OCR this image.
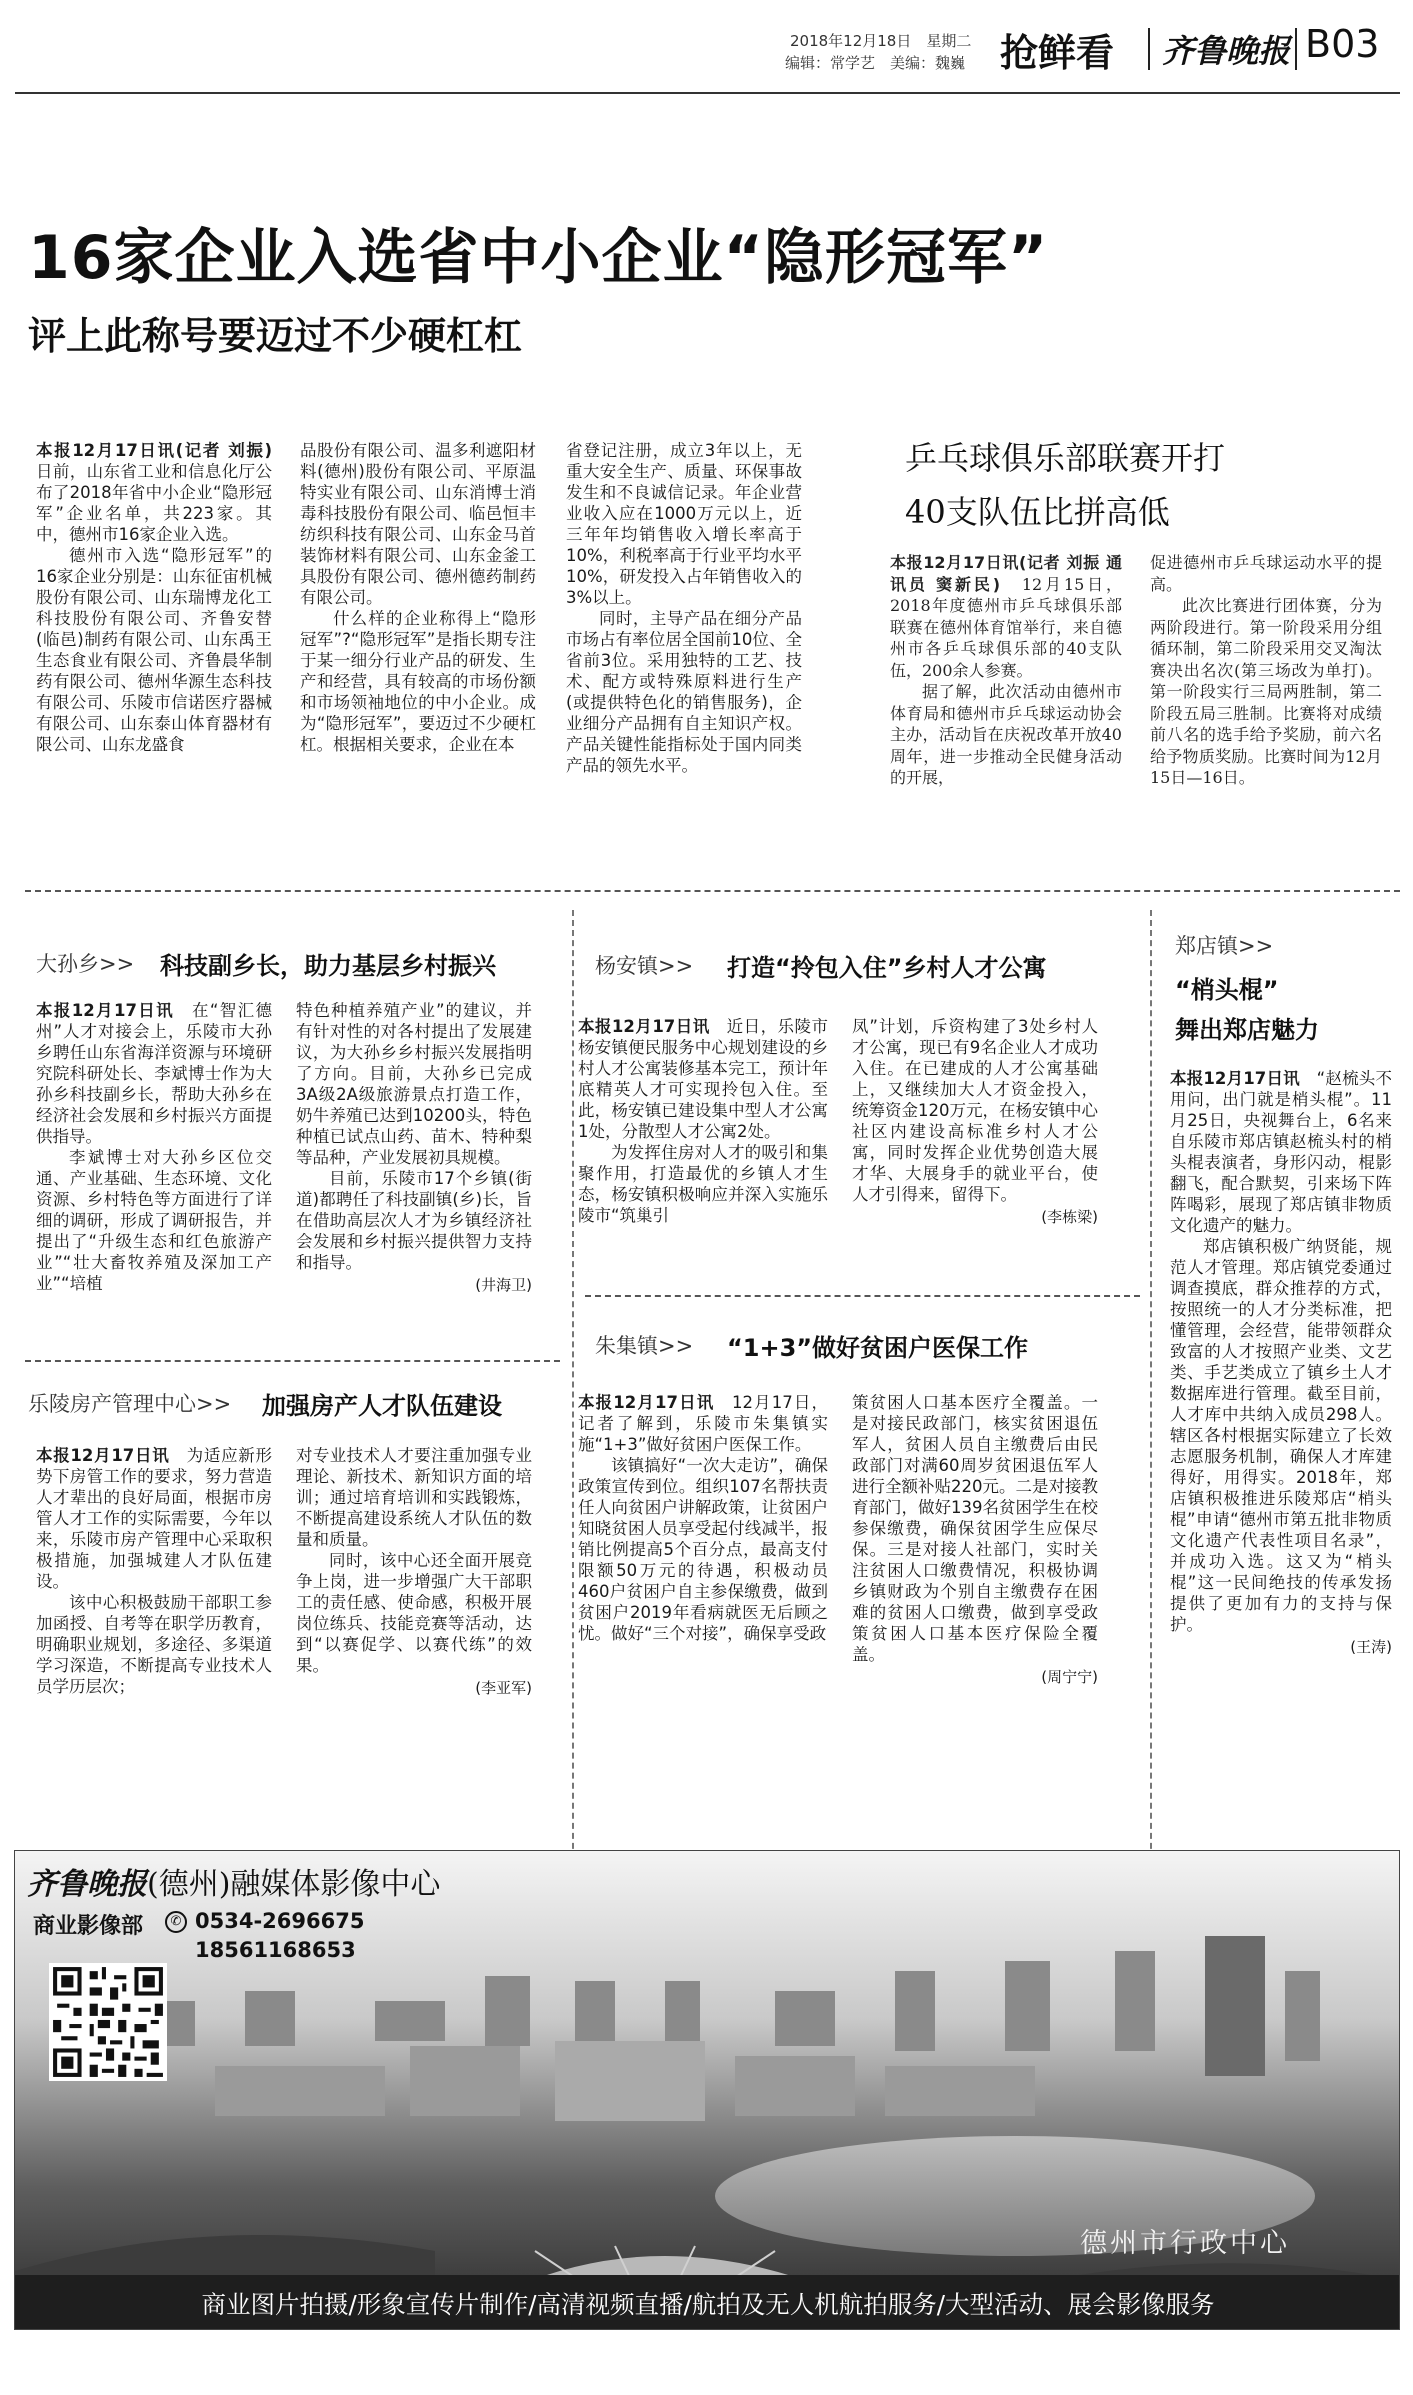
2018年12月18日　星期二
编辑：常学艺　美编：魏巍 抢鲜看 齐鲁晚报 B03
16家企业入选省中小企业“隐形冠军”
评上此称号要迈过不少硬杠杠

本报12月17日讯(记者 刘振)　日前，山东省工业和信息化厅公布了2018年省中小企业“隐形冠军”企业名单，共223家。其中，德州市16家企业入选。

德州市入选“隐形冠军”的16家企业分别是：山东征宙机械股份有限公司、山东瑞博龙化工科技股份有限公司、齐鲁安替(临邑)制药有限公司、山东禹王生态食业有限公司、齐鲁晨华制药有限公司、德州华源生态科技有限公司、乐陵市信诺医疗器械有限公司、山东泰山体育器材有限公司、山东龙盛食

品股份有限公司、温多利遮阳材料(德州)股份有限公司、平原温特实业有限公司、山东消博士消毒科技股份有限公司、临邑恒丰纺织科技有限公司、山东金马首装饰材料有限公司、山东金釜工具股份有限公司、德州德药制药有限公司。

什么样的企业称得上“隐形冠军”?“隐形冠军”是指长期专注于某一细分行业产品的研发、生产和经营，具有较高的市场份额和市场领袖地位的中小企业。成为“隐形冠军”，要迈过不少硬杠杠。根据相关要求，企业在本

省登记注册，成立3年以上，无重大安全生产、质量、环保事故发生和不良诚信记录。年企业营业收入应在1000万元以上，近三年年均销售收入增长率高于10%，利税率高于行业平均水平10%，研发投入占年销售收入的3%以上。

同时，主导产品在细分产品市场占有率位居全国前10位、全省前3位。采用独特的工艺、技术、配方或特殊原料进行生产(或提供特色化的销售服务)，企业细分产品拥有自主知识产权。产品关键性能指标处于国内同类产品的领先水平。

乒乓球俱乐部联赛开打
40支队伍比拼高低

本报12月17日讯(记者 刘振 通讯员 窦新民)　 12月15日，2018年度德州市乒乓球俱乐部联赛在德州体育馆举行，来自德州市各乒乓球俱乐部的40支队伍，200余人参赛。

据了解，此次活动由德州市体育局和德州市乒乓球运动协会主办，活动旨在庆祝改革开放40周年，进一步推动全民健身活动的开展，

促进德州市乒乓球运动水平的提高。

此次比赛进行团体赛，分为两阶段进行。第一阶段采用分组循环制，第二阶段采用交叉淘汰赛决出名次(第三场改为单打)。第一阶段实行三局两胜制，第二阶段五局三胜制。比赛将对成绩前八名的选手给予奖励，前六名给予物质奖励。比赛时间为12月15日—16日。

大孙乡>> 科技副乡长，助力基层乡村振兴

本报12月17日讯　 在“智汇德州”人才对接会上，乐陵市大孙乡聘任山东省海洋资源与环境研究院科研处长、李斌博士作为大孙乡科技副乡长，帮助大孙乡在经济社会发展和乡村振兴方面提供指导。

李斌博士对大孙乡区位交通、产业基础、生态环境、文化资源、乡村特色等方面进行了详细的调研，形成了调研报告，并提出了“升级生态和红色旅游产业”“壮大畜牧养殖及深加工产业”“培植

特色种植养殖产业”的建议，并有针对性的对各村提出了发展建议，为大孙乡乡村振兴发展指明了方向。目前，大孙乡已完成3A级2A级旅游景点打造工作，奶牛养殖已达到10200头，特色种植已试点山药、苗木、特种梨等品种，产业发展初具规模。

目前，乐陵市17个乡镇(街道)都聘任了科技副镇(乡)长，旨在借助高层次人才为乡镇经济社会发展和乡村振兴提供智力支持和指导。

(井海卫)
杨安镇>> 打造“拎包入住”乡村人才公寓

本报12月17日讯　 近日，乐陵市杨安镇便民服务中心规划建设的乡村人才公寓装修基本完工，预计年底精英人才可实现拎包入住。至此，杨安镇已建设集中型人才公寓1处，分散型人才公寓2处。

为发挥住房对人才的吸引和集聚作用，打造最优的乡镇人才生态，杨安镇积极响应并深入实施乐陵市“筑巢引

凤”计划，斥资构建了3处乡村人才公寓，现已有9名企业人才成功入住。在已建成的人才公寓基础上，又继续加大人才资金投入，统筹资金120万元，在杨安镇中心社区内建设高标准乡村人才公寓，同时发挥企业优势创造大展才华、大展身手的就业平台，使人才引得来，留得下。

(李栋梁)
郑店镇>>
“梢头棍”
舞出郑店魅力

本报12月17日讯　 “赵梳头不用问，出门就是梢头棍”。11月25日，央视舞台上，6名来自乐陵市郑店镇赵梳头村的梢头棍表演者，身形闪动，棍影翻飞，配合默契，引来场下阵阵喝彩，展现了郑店镇非物质文化遗产的魅力。

郑店镇积极广纳贤能，规范人才管理。郑店镇党委通过调查摸底，群众推荐的方式，按照统一的人才分类标准，把懂管理，会经营，能带领群众致富的人才按照产业类、文艺类、手艺类成立了镇乡土人才数据库进行管理。截至目前，人才库中共纳入成员298人。辖区各村根据实际建立了长效志愿服务机制，确保人才库建得好，用得实。2018年，郑店镇积极推进乐陵郑店“梢头棍”申请“德州市第五批非物质文化遗产代表性项目名录”，并成功入选。这又为“梢头棍”这一民间绝技的传承发扬提供了更加有力的支持与保护。

(王涛)
乐陵房产管理中心>> 加强房产人才队伍建设

本报12月17日讯　 为适应新形势下房管工作的要求，努力营造人才辈出的良好局面，根据市房管人才工作的实际需要，今年以来，乐陵市房产管理中心采取积极措施，加强城建人才队伍建设。

该中心积极鼓励干部职工参加函授、自考等在职学历教育，明确职业规划，多途径、多渠道学习深造，不断提高专业技术人员学历层次；

对专业技术人才要注重加强专业理论、新技术、新知识方面的培训；通过培育培训和实践锻炼，不断提高建设系统人才队伍的数量和质量。

同时，该中心还全面开展竞争上岗，进一步增强广大干部职工的责任感、使命感，积极开展岗位练兵、技能竞赛等活动，达到“以赛促学、以赛代练”的效果。

(李亚军)
朱集镇>> “1+3”做好贫困户医保工作

本报12月17日讯　 12月17日，记者了解到，乐陵市朱集镇实施“1+3”做好贫困户医保工作。

该镇搞好“一次大走访”，确保政策宣传到位。组织107名帮扶责任人向贫困户讲解政策，让贫困户知晓贫困人员享受起付线减半，报销比例提高5个百分点，最高支付限额50万元的待遇，积极动员460户贫困户自主参保缴费，做到贫困户2019年看病就医无后顾之忧。做好“三个对接”，确保享受政

策贫困人口基本医疗全覆盖。一是对接民政部门，核实贫困退伍军人，贫困人员自主缴费后由民政部门对满60周岁贫困退伍军人进行全额补贴220元。二是对接教育部门，做好139名贫困学生在校参保缴费，确保贫困学生应保尽保。三是对接人社部门，实时关注贫困人口缴费情况，积极协调乡镇财政为个别自主缴费存在困难的贫困人口缴费，做到享受政策贫困人口基本医疗保险全覆盖。

(周宁宁)
齐鲁晚报(德州)融媒体影像中心
商业影像部	✆ 0534-2696675
18561168653
德州市行政中心
商业图片拍摄/形象宣传片制作/高清视频直播/航拍及无人机航拍服务/大型活动、展会影像服务
